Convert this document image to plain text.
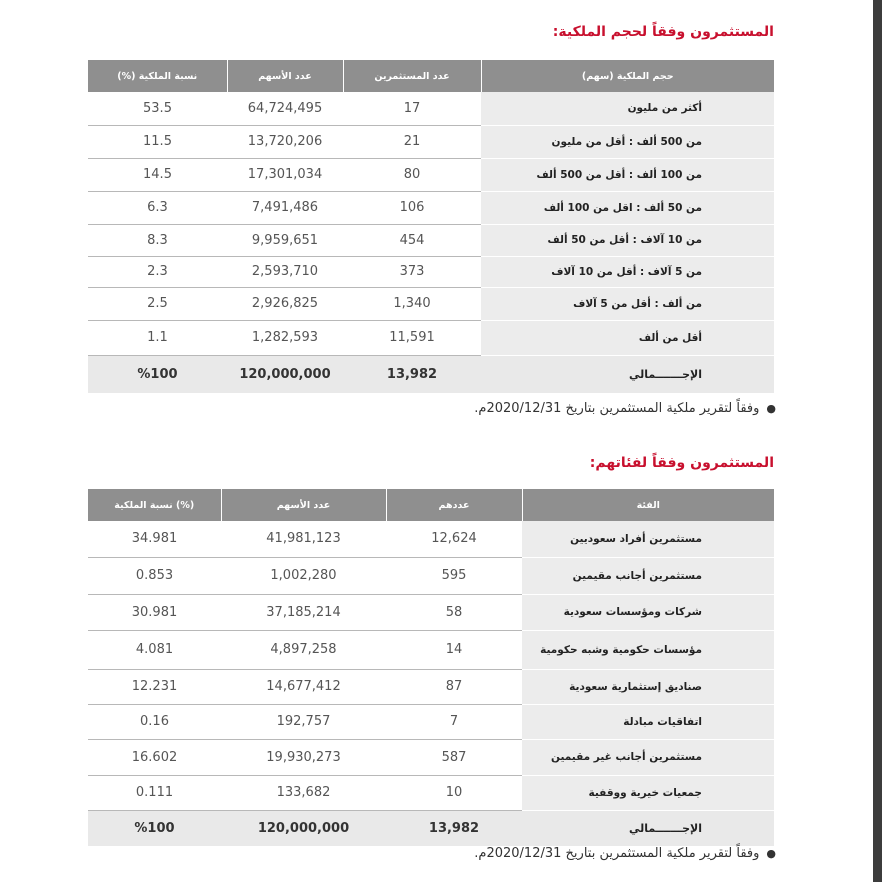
المستثمرون وفقاً لحجم الملكية:
حجم الملكية (سهم)	عدد المستثمرين	عدد الأسهم	نسبة الملكية (%)
أكثر من مليون	17	64,724,495	53.5
من 500 ألف : أقل من مليون	21	13,720,206	11.5
من 100 ألف : أقل من 500 ألف	80	17,301,034	14.5
من 50 ألف : اقل من 100 ألف	106	7,491,486	6.3
من 10 آلاف : أقل من 50 ألف	454	9,959,651	8.3
من 5 آلاف : أقل من 10 آلاف	373	2,593,710	2.3
من ألف : أقل من 5 آلاف	1,340	2,926,825	2.5
أقل من ألف	11,591	1,282,593	1.1
الإجـــــــمالي	13,982	120,000,000	%100
●وفقاً لتقرير ملكية المستثمرين بتاريخ 2020/12/31م.
المستثمرون وفقاً لفئاتهم:
الفئة	عددهم	عدد الأسهم	(%) نسبة الملكية
مستثمرين أفراد سعوديين	12,624	41,981,123	34.981
مستثمرين أجانب مقيمين	595	1,002,280	0.853
شركات ومؤسسات سعودية	58	37,185,214	30.981
مؤسسات حكومية وشبه حكومية	14	4,897,258	4.081
صناديق إستثمارية سعودية	87	14,677,412	12.231
اتفاقيات مبادلة	7	192,757	0.16
مستثمرين أجانب غير مقيمين	587	19,930,273	16.602
جمعيات خيرية ووقفية	10	133,682	0.111
الإجـــــــمالي	13,982	120,000,000	%100
●وفقاً لتقرير ملكية المستثمرين بتاريخ 2020/12/31م.
